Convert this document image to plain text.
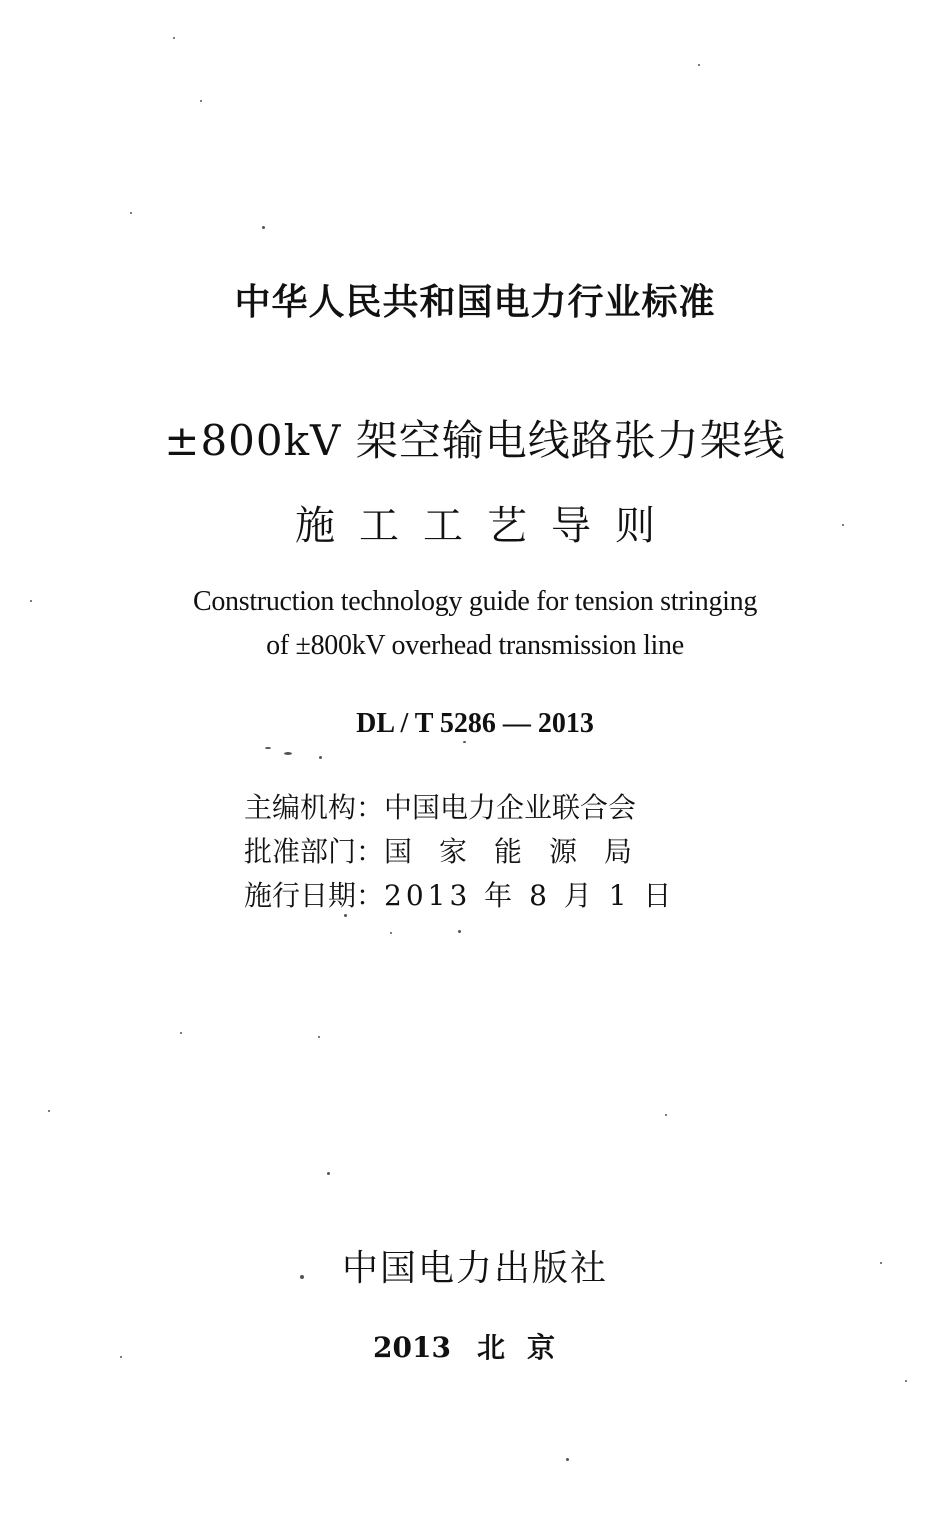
中华人民共和国电力行业标准
±800kV 架空输电线路张力架线
施工工艺导则
Construction technology guide for tension stringing
of ±800kV overhead transmission line
DL / T 5286 — 2013
主编机构：中国电力企业联合会
批准部门：国家能源局
施行日期：2013 年 8 月 1 日
中国电力出版社
2013 北京
